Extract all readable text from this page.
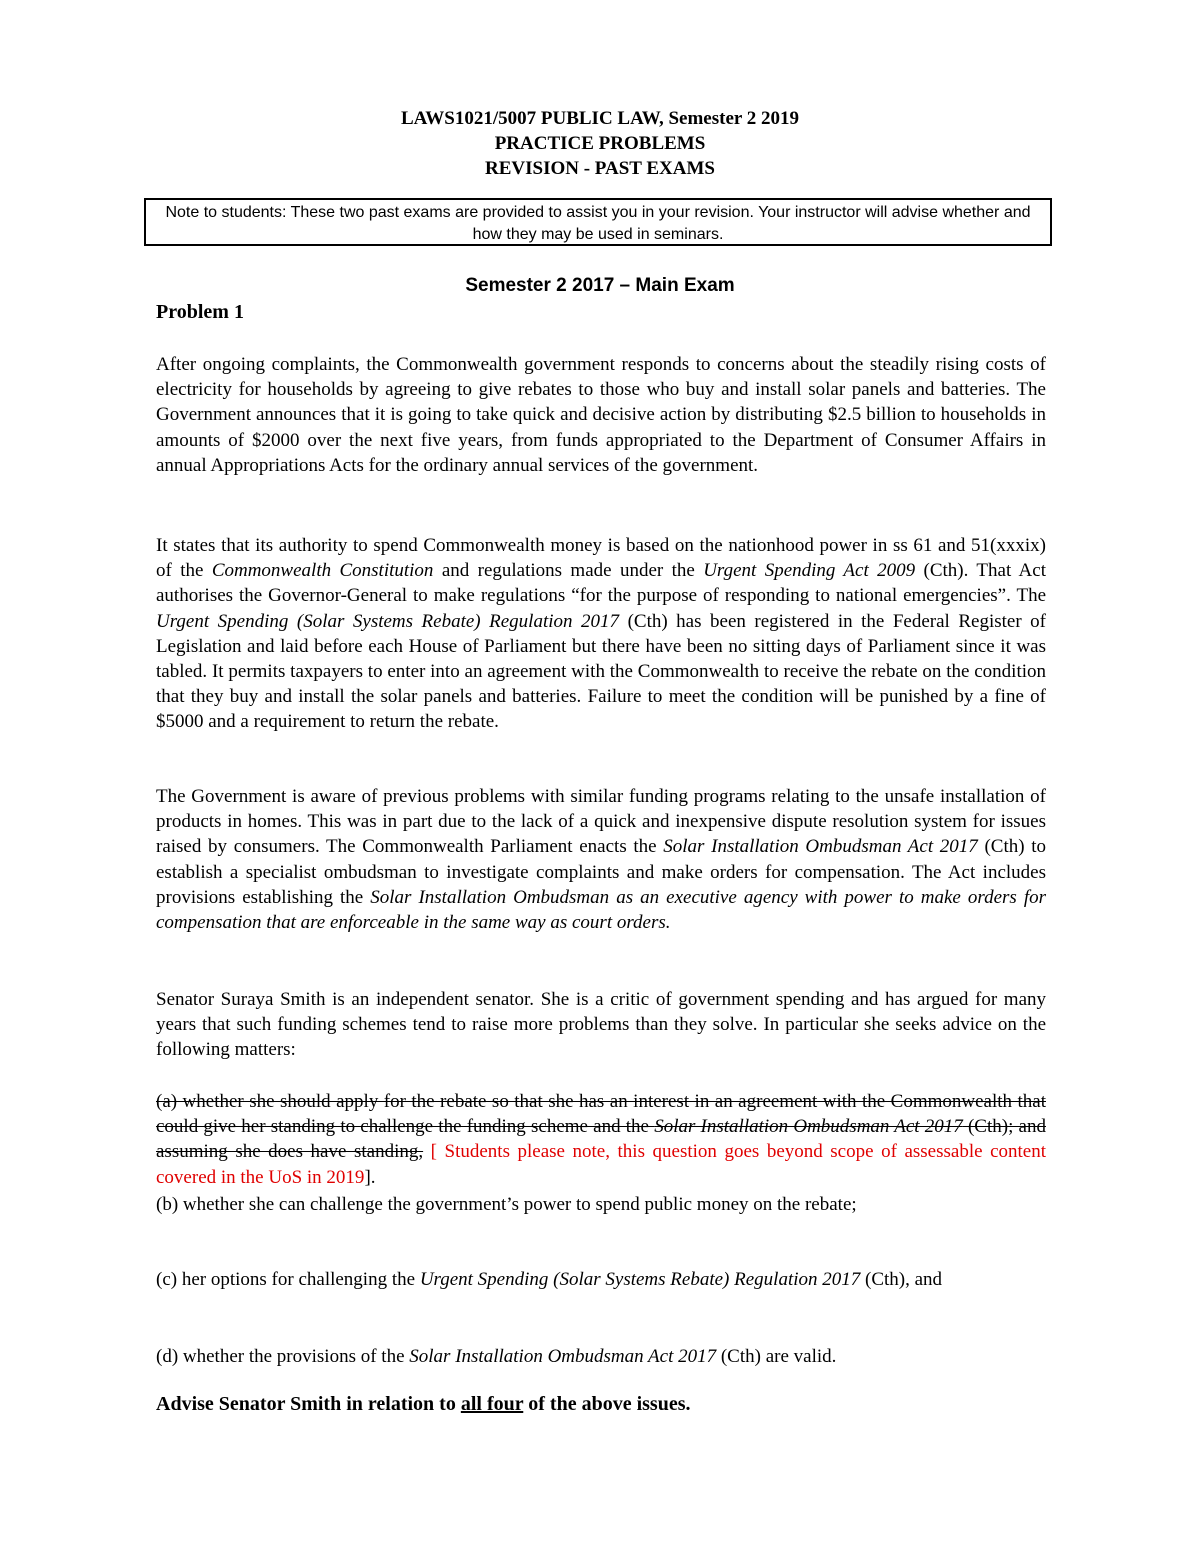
LAWS1021/5007 PUBLIC LAW, Semester 2 2019
PRACTICE PROBLEMS
REVISION - PAST EXAMS
Note to students: These two past exams are provided to assist you in your revision. Your instructor will advise whether and how they may be used in seminars.
Semester 2 2017 – Main Exam
Problem 1

After ongoing complaints, the Commonwealth government responds to concerns about the steadily rising costs of electricity for households by agreeing to give rebates to those who buy and install solar panels and batteries. The Government announces that it is going to take quick and decisive action by distributing $2.5 billion to households in amounts of $2000 over the next five years, from funds appropriated to the Department of Consumer Affairs in annual Appropriations Acts for the ordinary annual services of the government.

It states that its authority to spend Commonwealth money is based on the nationhood power in ss 61 and 51(xxxix) of the Commonwealth Constitution and regulations made under the Urgent Spending Act 2009 (Cth). That Act authorises the Governor-General to make regulations “for the purpose of responding to national emergencies”. The Urgent Spending (Solar Systems Rebate) Regulation 2017 (Cth) has been registered in the Federal Register of Legislation and laid before each House of Parliament but there have been no sitting days of Parliament since it was tabled. It permits taxpayers to enter into an agreement with the Commonwealth to receive the rebate on the condition that they buy and install the solar panels and batteries. Failure to meet the condition will be punished by a fine of $5000 and a requirement to return the rebate.

The Government is aware of previous problems with similar funding programs relating to the unsafe installation of products in homes. This was in part due to the lack of a quick and inexpensive dispute resolution system for issues raised by consumers. The Commonwealth Parliament enacts the Solar Installation Ombudsman Act 2017 (Cth) to establish a specialist ombudsman to investigate complaints and make orders for compensation. The Act includes provisions establishing the Solar Installation Ombudsman as an executive agency with power to make orders for compensation that are enforceable in the same way as court orders.

Senator Suraya Smith is an independent senator. She is a critic of government spending and has argued for many years that such funding schemes tend to raise more problems than they solve. In particular she seeks advice on the following matters:

(a) whether she should apply for the rebate so that she has an interest in an agreement with the Commonwealth that could give her standing to challenge the funding scheme and the Solar Installation Ombudsman Act 2017 (Cth); and assuming she does have standing, [ Students please note, this question goes beyond scope of assessable content covered in the UoS in 2019].

(b) whether she can challenge the government’s power to spend public money on the rebate;

(c) her options for challenging the Urgent Spending (Solar Systems Rebate) Regulation 2017 (Cth), and

(d) whether the provisions of the Solar Installation Ombudsman Act 2017 (Cth) are valid.

Advise Senator Smith in relation to all four of the above issues.
